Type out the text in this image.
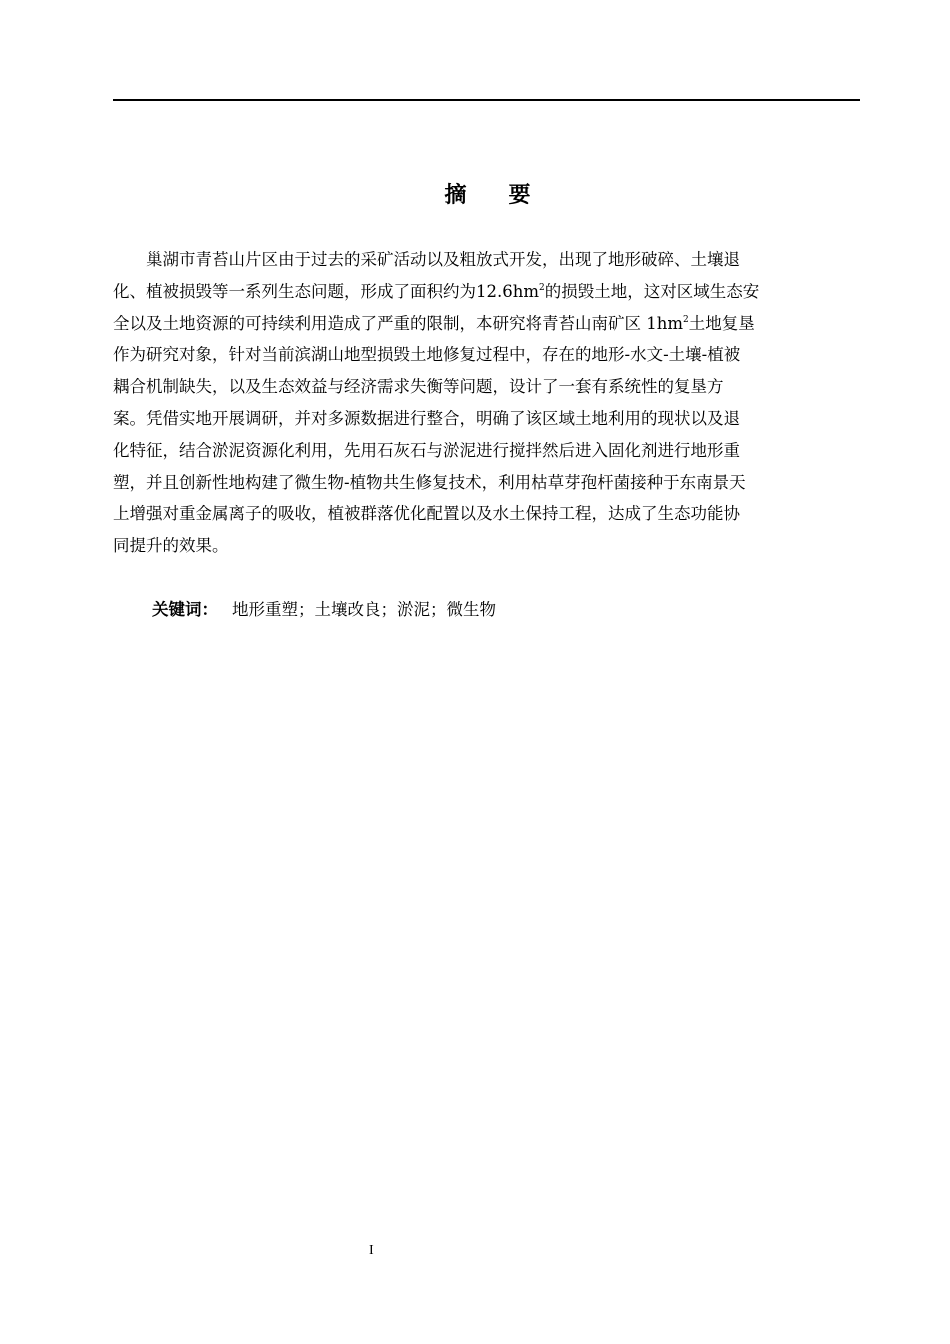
摘 要
　　巢湖市青苔山片区由于过去的采矿活动以及粗放式开发，出现了地形破碎、土壤退
化、植被损毁等一系列生态问题，形成了面积约为$12.6hm^2$的损毁土地，这对区域生态安
全以及土地资源的可持续利用造成了严重的限制，本研究将青苔山南矿区 $1hm^2$土地复垦
作为研究对象，针对当前滨湖山地型损毁土地修复过程中，存在的地形-水文-土壤-植被
耦合机制缺失，以及生态效益与经济需求失衡等问题，设计了一套有系统性的复垦方
案。凭借实地开展调研，并对多源数据进行整合，明确了该区域土地利用的现状以及退
化特征，结合淤泥资源化利用，先用石灰石与淤泥进行搅拌然后进入固化剂进行地形重
塑，并且创新性地构建了微生物-植物共生修复技术，利用枯草芽孢杆菌接种于东南景天
上增强对重金属离子的吸收，植被群落优化配置以及水土保持工程，达成了生态功能协
同提升的效果。
关键词： 地形重塑；土壤改良；淤泥；微生物
I
